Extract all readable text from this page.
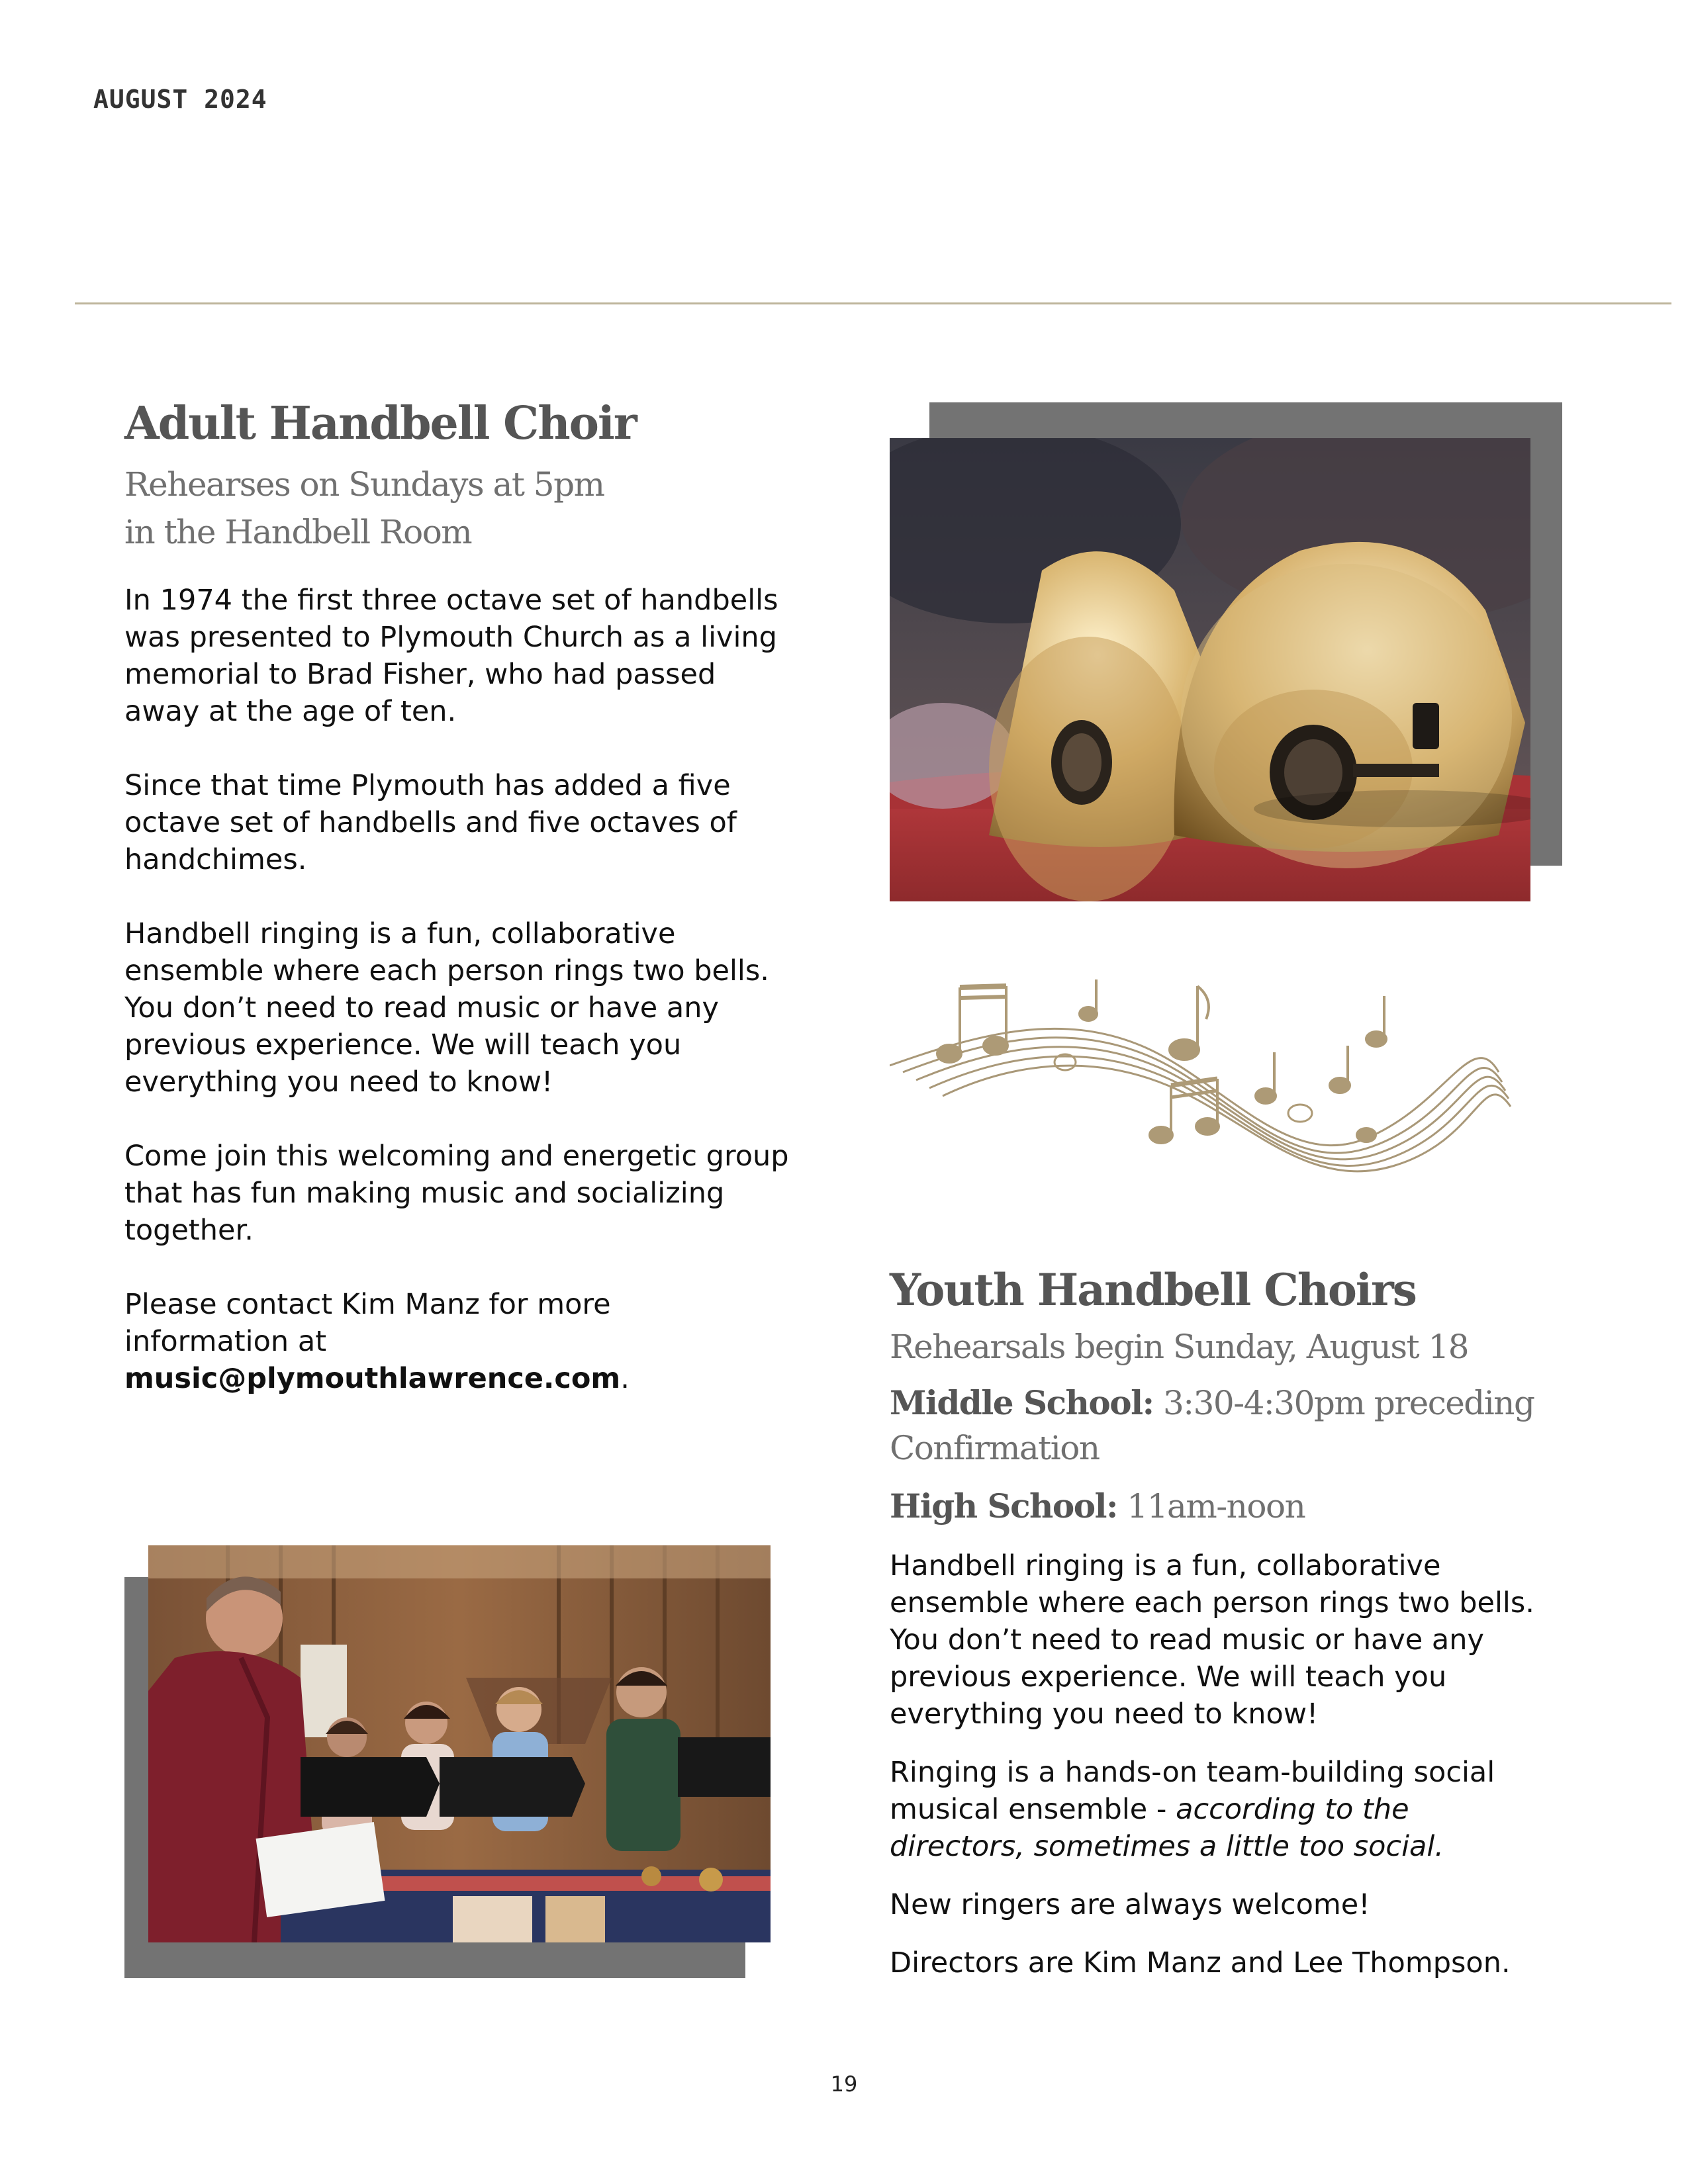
AUGUST 2024
Adult Handbell Choir
Rehearses on Sundays at 5pm
in the Handbell Room

In 1974 the first three octave set of handbells was presented to Plymouth Church as a living memorial to Brad Fisher, who had passed away at the age of ten.

Since that time Plymouth has added a five octave set of handbells and five octaves of handchimes.

Handbell ringing is a fun, collaborative ensemble where each person rings two bells. You don’t need to read music or have any previous experience. We will teach you everything you need to know!

Come join this welcoming and energetic group that has fun making music and socializing together.

Please contact Kim Manz for more information at
music@plymouthlawrence.com.

Youth Handbell Choirs
Rehearsals begin Sunday, August 18
Middle School: 3:30-4:30pm preceding Confirmation
High School: 11am-noon

Handbell ringing is a fun, collaborative ensemble where each person rings two bells. You don’t need to read music or have any previous experience. We will teach you everything you need to know!

Ringing is a hands-on team-building social musical ensemble - according to the directors, sometimes a little too social.

New ringers are always welcome!

Directors are Kim Manz and Lee Thompson.

19
